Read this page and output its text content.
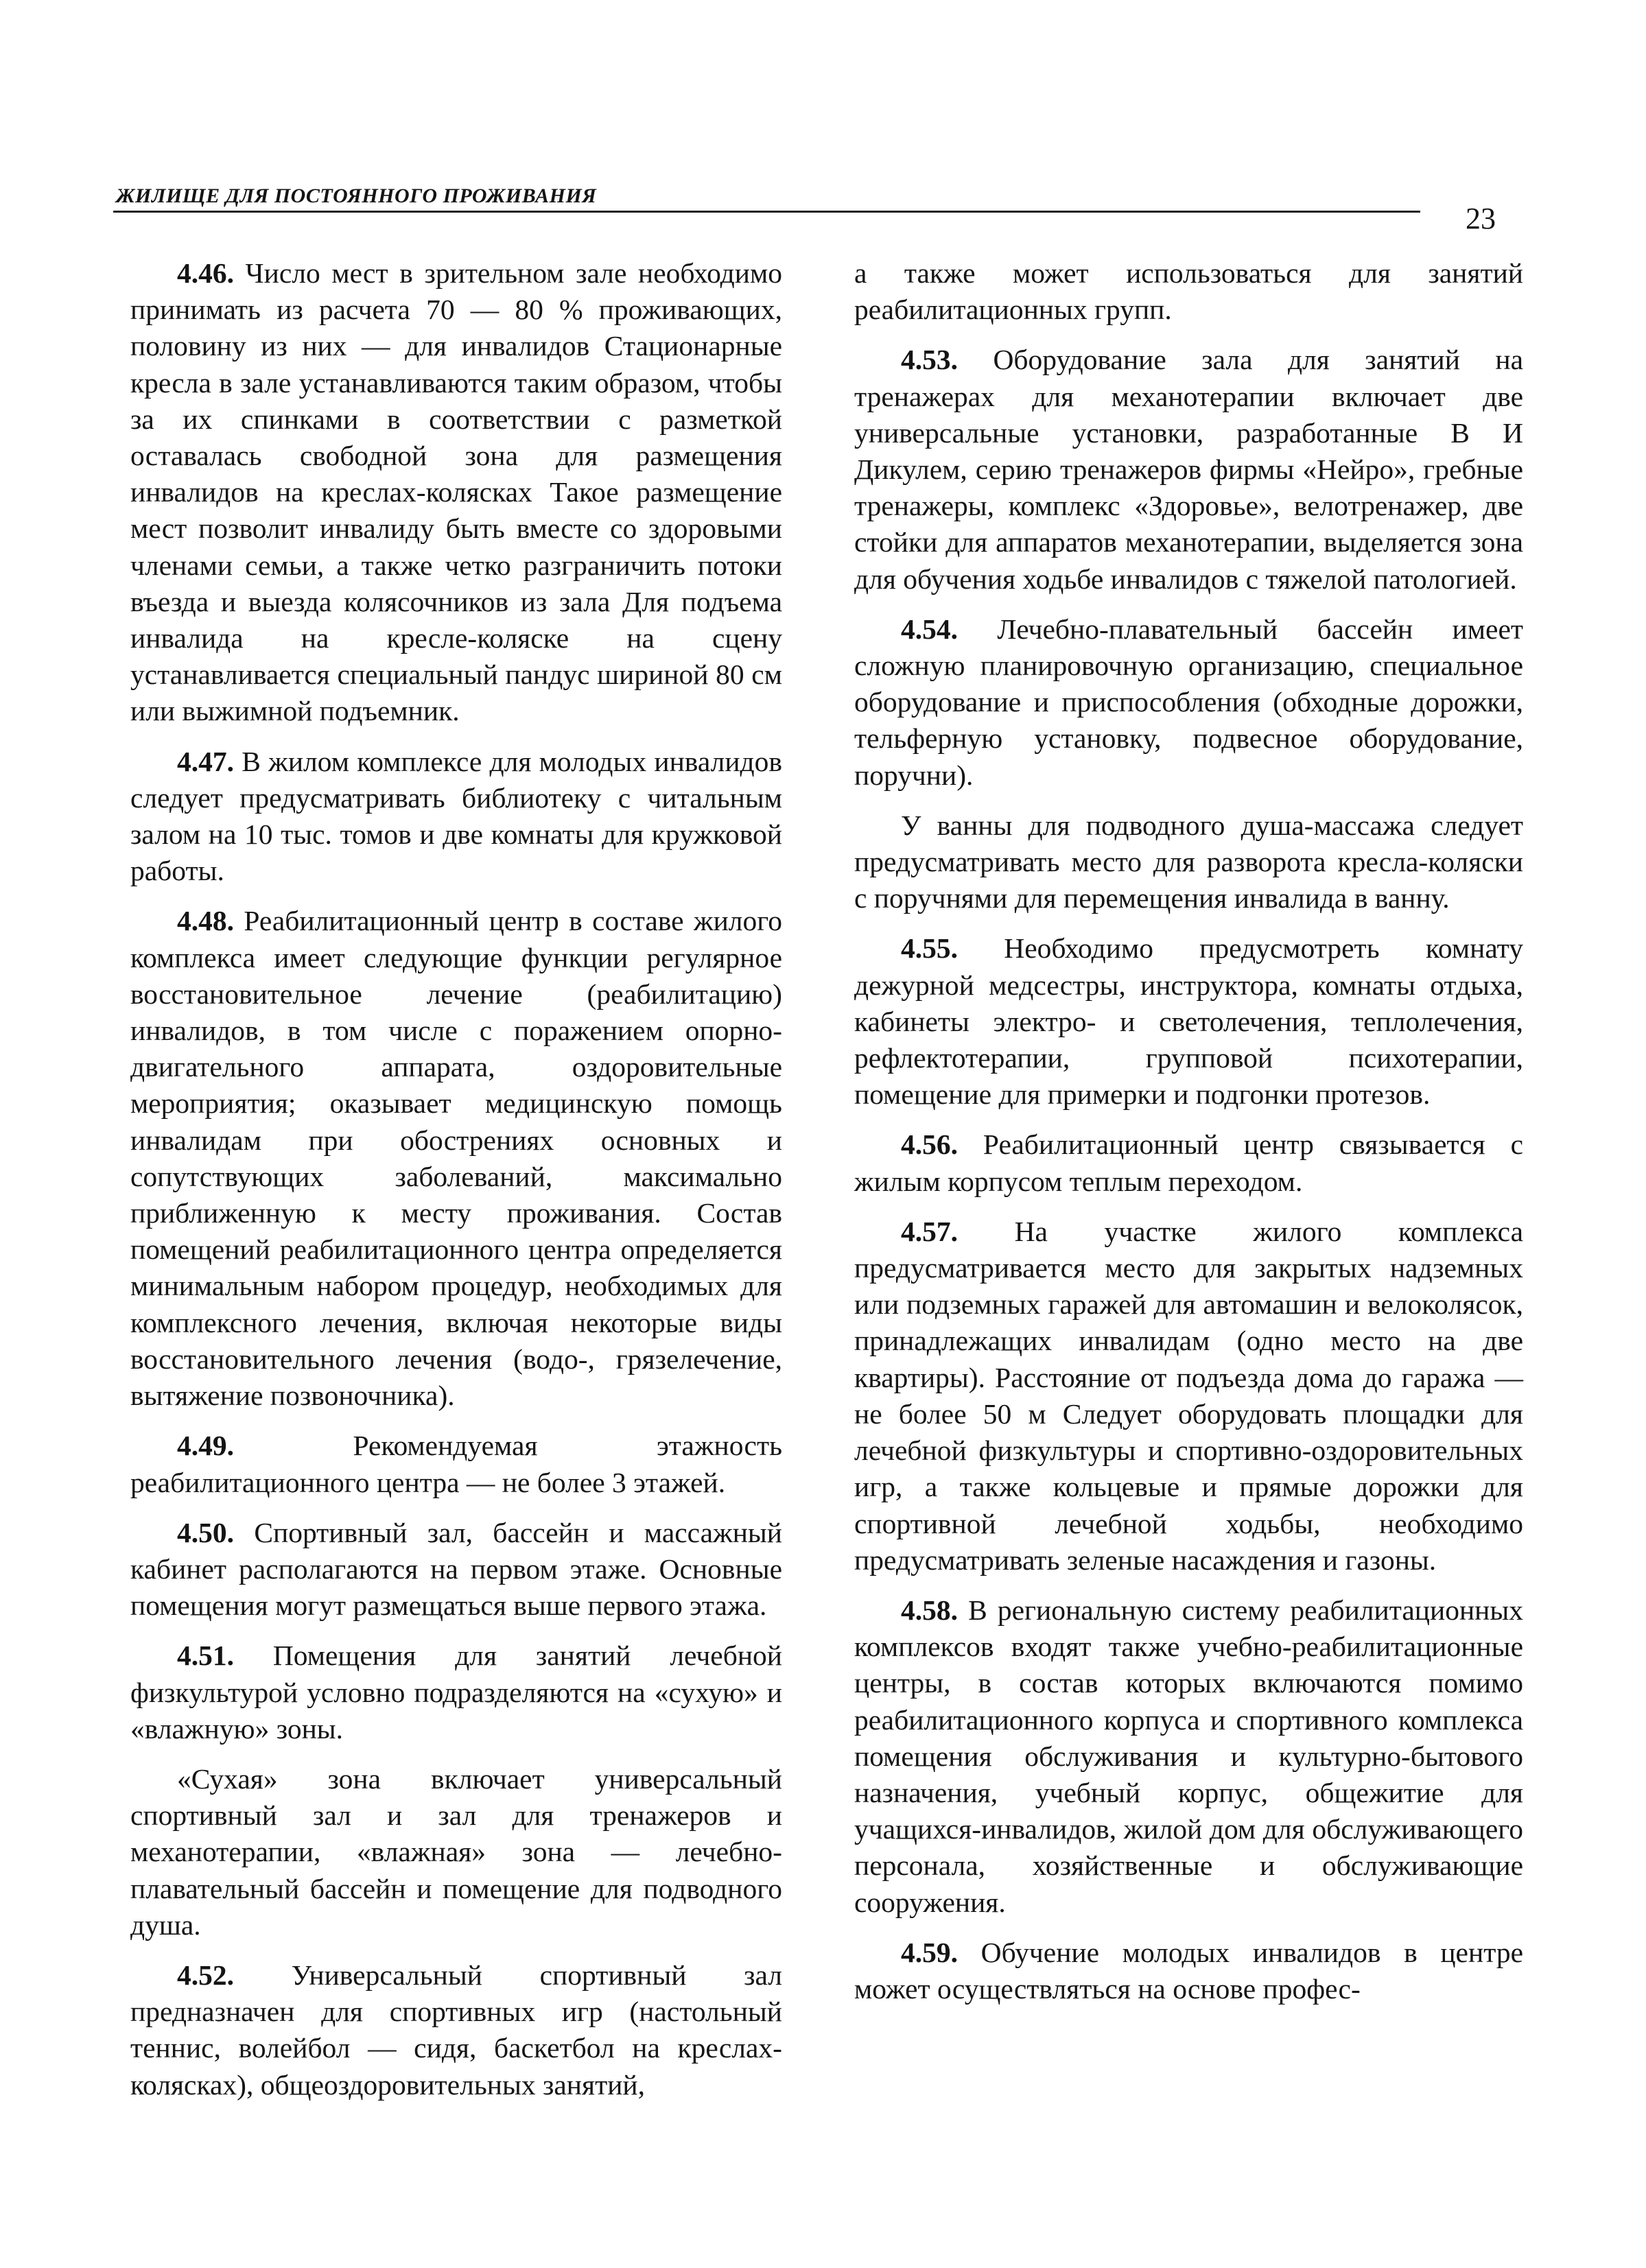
ЖИЛИЩЕ ДЛЯ ПОСТОЯННОГО ПРОЖИВАНИЯ
23

4.46. Число мест в зрительном зале необходимо принимать из расчета 70 — 80 % проживающих, половину из них — для инвалидов Стационарные кресла в зале устанавливаются таким образом, чтобы за их спинками в соответствии с разметкой оставалась свободной зона для размещения инвалидов на креслах-колясках Такое размещение мест позволит инвалиду быть вместе со здоровыми членами семьи, а также четко разграничить потоки въезда и выезда колясочников из зала Для подъема инвалида на кресле-коляске на сцену устанавливается специальный пандус шириной 80 см или выжимной подъемник.

4.47. В жилом комплексе для молодых инвалидов следует предусматривать библиотеку с читальным залом на 10 тыс. томов и две комнаты для кружковой работы.

4.48. Реабилитационный центр в составе жилого комплекса имеет следующие функции регулярное восстановительное лечение (реабилитацию) инвалидов, в том числе с поражением опорно-двигательного аппарата, оздоровительные мероприятия; оказывает медицинскую помощь инвалидам при обострениях основных и сопутствующих заболеваний, максимально приближенную к месту проживания. Состав помещений реабилитационного центра определяется минимальным набором процедур, необходимых для комплексного лечения, включая некоторые виды восстановительного лечения (водо-, грязелечение, вытяжение позвоночника).

4.49.	Рекомендуемая этажность реабилитационного центра — не более 3 этажей.

4.50. Спортивный зал, бассейн и массажный кабинет располагаются на первом этаже. Основные помещения могут размещаться выше первого этажа.

4.51. Помещения для занятий лечебной физкультурой условно подразделяются на «сухую» и «влажную» зоны.

«Сухая» зона включает универсальный спортивный зал и зал для тренажеров и механотерапии, «влажная» зона — лечебно-плавательный бассейн и помещение для подводного душа.

4.52. Универсальный спортивный зал предназначен для спортивных игр (настольный теннис, волейбол — сидя, баскетбол на креслах-колясках), общеоздоровительных занятий,

а также может использоваться для занятий реабилитационных групп.

4.53. Оборудование зала для занятий на тренажерах для механотерапии включает две универсальные установки, разработанные В И Дикулем, серию тренажеров фирмы «Нейро», гребные тренажеры, комплекс «Здоровье», велотренажер, две стойки для аппаратов механотерапии, выделяется зона для обучения ходьбе инвалидов с тяжелой патологией.

4.54. Лечебно-плавательный бассейн имеет сложную планировочную организацию, специальное оборудование и приспособления (обходные дорожки, тельферную установку, подвесное оборудование, поручни).

У ванны для подводного душа-массажа следует предусматривать место для разворота кресла-коляски с поручнями для перемещения инвалида в ванну.

4.55. Необходимо предусмотреть комнату дежурной медсестры, инструктора, комнаты отдыха, кабинеты электро- и светолечения, теплолечения, рефлектотерапии, групповой психотерапии, помещение для примерки и подгонки протезов.

4.56. Реабилитационный центр связывается с жилым корпусом теплым переходом.

4.57. На участке жилого комплекса предусматривается место для закрытых надземных или подземных гаражей для автомашин и велоколясок, принадлежащих инвалидам (одно место на две квартиры). Расстояние от подъезда дома до гаража — не более 50 м Следует оборудовать площадки для лечебной физкультуры и спортивно-оздоровительных игр, а также кольцевые и прямые дорожки для спортивной лечебной ходьбы, необходимо предусматривать зеленые насаждения и газоны.

4.58. В региональную систему реабилитационных комплексов входят также учебно-реабилитационные центры, в состав которых включаются помимо реабилитационного корпуса и спортивного комплекса помещения обслуживания и культурно-бытового назначения, учебный корпус, общежитие для учащихся-инвалидов, жилой дом для обслуживающего персонала, хозяйственные и обслуживающие сооружения.

4.59. Обучение молодых инвалидов в центре может осуществляться на основе профес-
